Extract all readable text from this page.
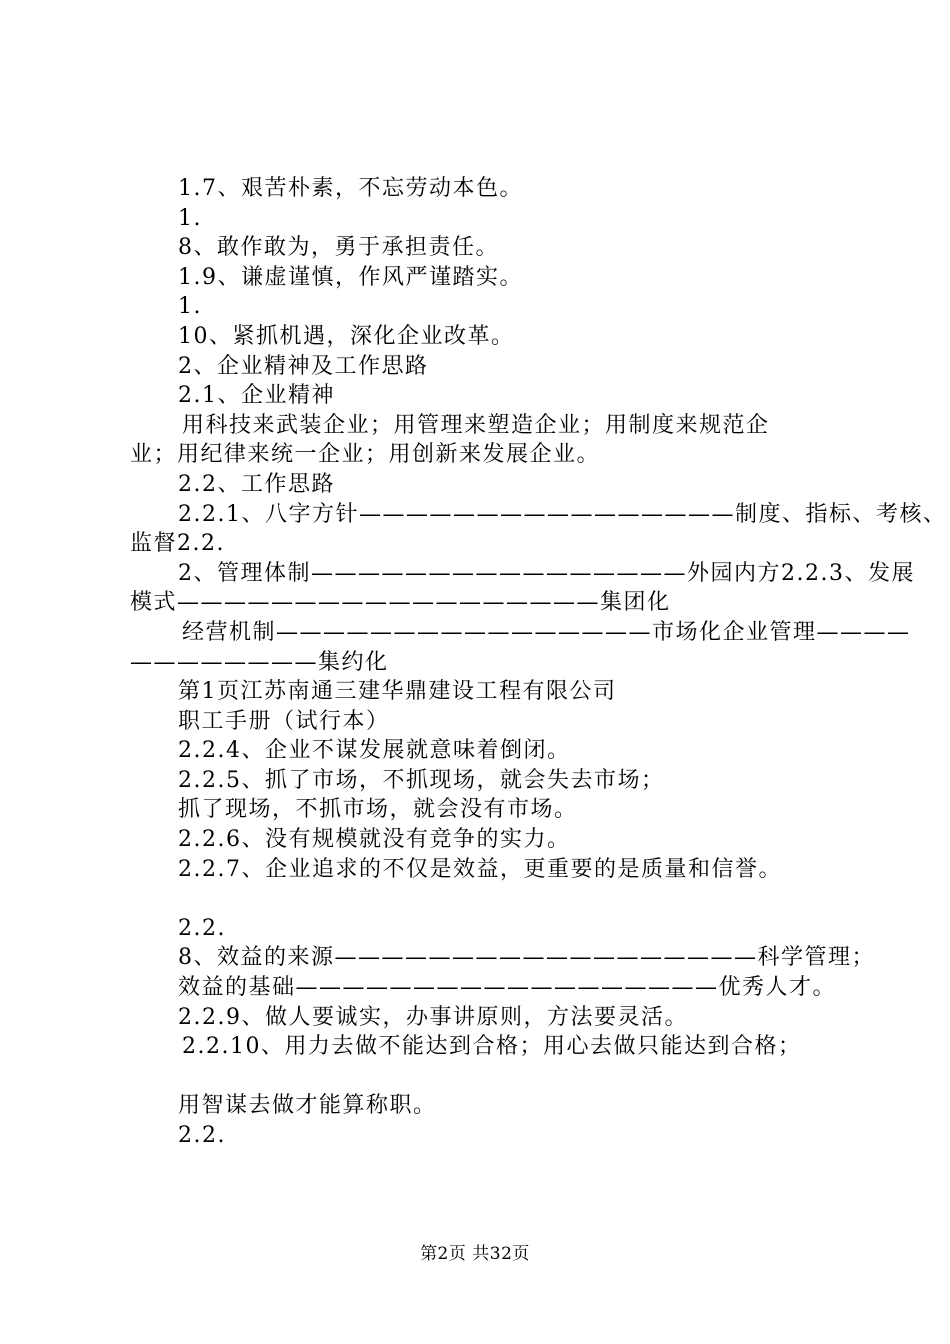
1.7、艰苦朴素，不忘劳动本色。
1.
8、敢作敢为，勇于承担责任。
1.9、谦虚谨慎，作风严谨踏实。
1.
10、紧抓机遇，深化企业改革。
2、企业精神及工作思路
2.1、企业精神
用科技来武装企业；用管理来塑造企业；用制度来规范企
业；用纪律来统一企业；用创新来发展企业。
2.2、工作思路
2.2.1、八字方针————————————————制度、指标、考核、
监督2.2.
2、管理体制————————————————外园内方2.2.3、发展
模式——————————————————集团化
经营机制————————————————市场化企业管理————
————————集约化
第1页江苏南通三建华鼎建设工程有限公司
职工手册（试行本）
2.2.4、企业不谋发展就意味着倒闭。
2.2.5、抓了市场，不抓现场，就会失去市场；
抓了现场，不抓市场，就会没有市场。
2.2.6、没有规模就没有竞争的实力。
2.2.7、企业追求的不仅是效益，更重要的是质量和信誉。
2.2.
8、效益的来源——————————————————科学管理；
效益的基础——————————————————优秀人才。
2.2.9、做人要诚实，办事讲原则，方法要灵活。
2.2.10、用力去做不能达到合格；用心去做只能达到合格；
用智谋去做才能算称职。
2.2.
第2页 共32页
